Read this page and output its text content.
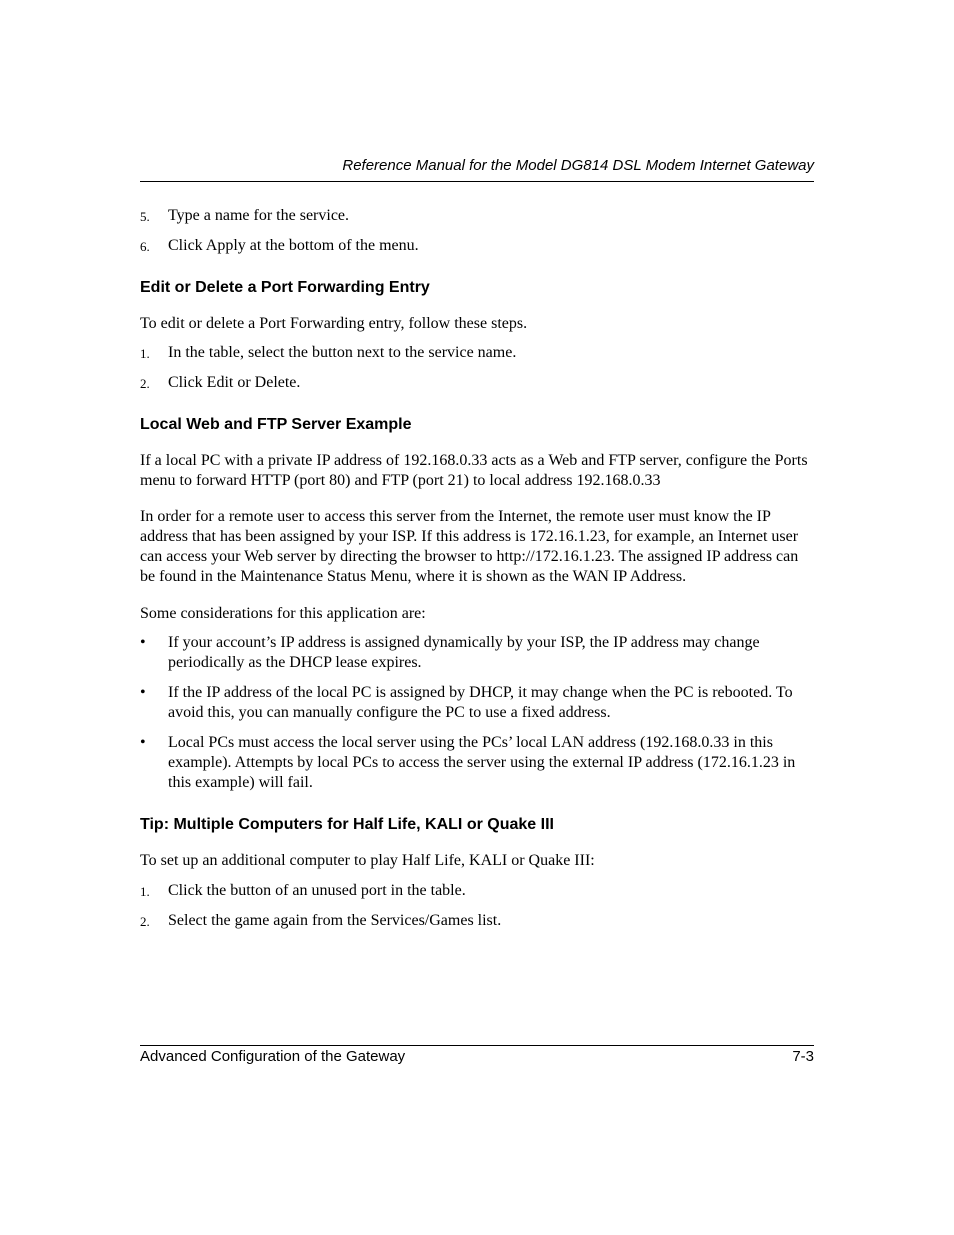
Reference Manual for the Model DG814 DSL Modem Internet Gateway
5. Type a name for the service.
6. Click Apply at the bottom of the menu.
Edit or Delete a Port Forwarding Entry
To edit or delete a Port Forwarding entry, follow these steps.
1. In the table, select the button next to the service name.
2. Click Edit or Delete.
Local Web and FTP Server Example
If a local PC with a private IP address of 192.168.0.33 acts as a Web and FTP server, configure the Ports menu to forward HTTP (port 80) and FTP (port 21) to local address 192.168.0.33
In order for a remote user to access this server from the Internet, the remote user must know the IP address that has been assigned by your ISP. If this address is 172.16.1.23, for example, an Internet user can access your Web server by directing the browser to http://172.16.1.23. The assigned IP address can be found in the Maintenance Status Menu, where it is shown as the WAN IP Address.
Some considerations for this application are:
• If your account’s IP address is assigned dynamically by your ISP, the IP address may change periodically as the DHCP lease expires.
• If the IP address of the local PC is assigned by DHCP, it may change when the PC is rebooted. To avoid this, you can manually configure the PC to use a fixed address.
• Local PCs must access the local server using the PCs’ local LAN address (192.168.0.33 in this example). Attempts by local PCs to access the server using the external IP address (172.16.1.23 in this example) will fail.
Tip: Multiple Computers for Half Life, KALI or Quake III
To set up an additional computer to play Half Life, KALI or Quake III:
1. Click the button of an unused port in the table.
2. Select the game again from the Services/Games list.
Advanced Configuration of the Gateway	7-3
